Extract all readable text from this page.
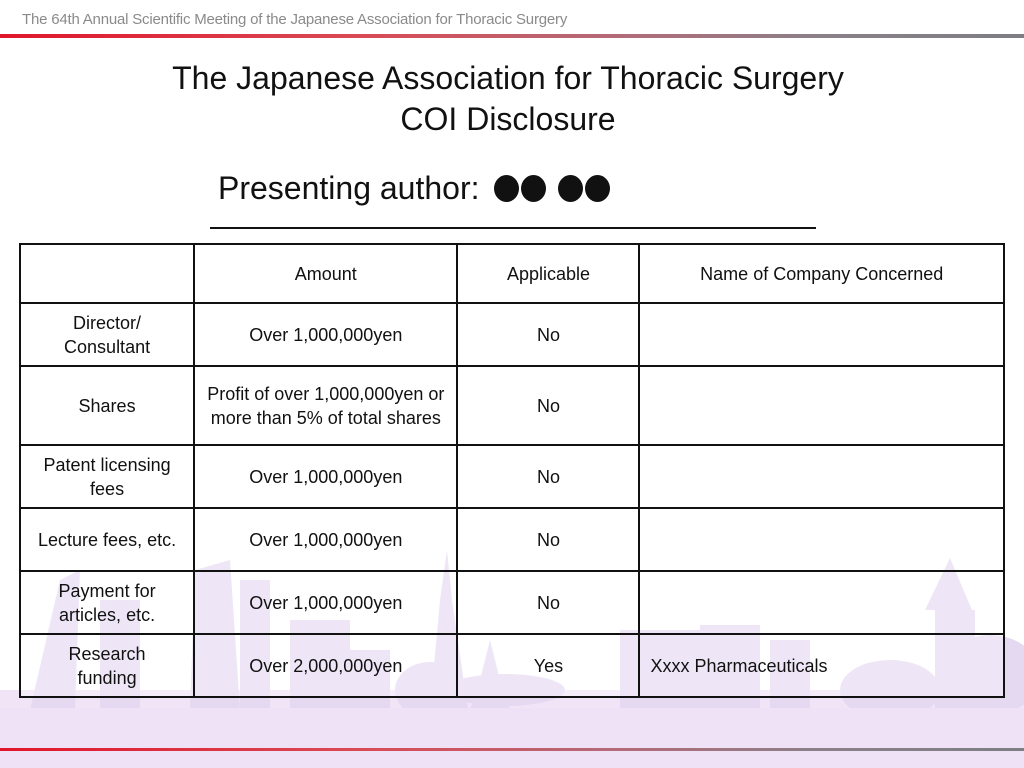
The 64th Annual Scientific Meeting of the Japanese Association for Thoracic Surgery
The Japanese Association for Thoracic Surgery
COI Disclosure
Presenting author:
	Amount	Applicable	Name of Company Concerned

Director/
Consultant	Over 1,000,000yen	No	
Shares	Profit of over 1,000,000yen or more than 5% of total shares	No	

Patent licensing
fees	Over 1,000,000yen	No	
Lecture fees, etc.	Over 1,000,000yen	No	

Payment for
articles, etc.	Over 1,000,000yen	No	

Research
funding	Over 2,000,000yen	Yes	Xxxx Pharmaceuticals
